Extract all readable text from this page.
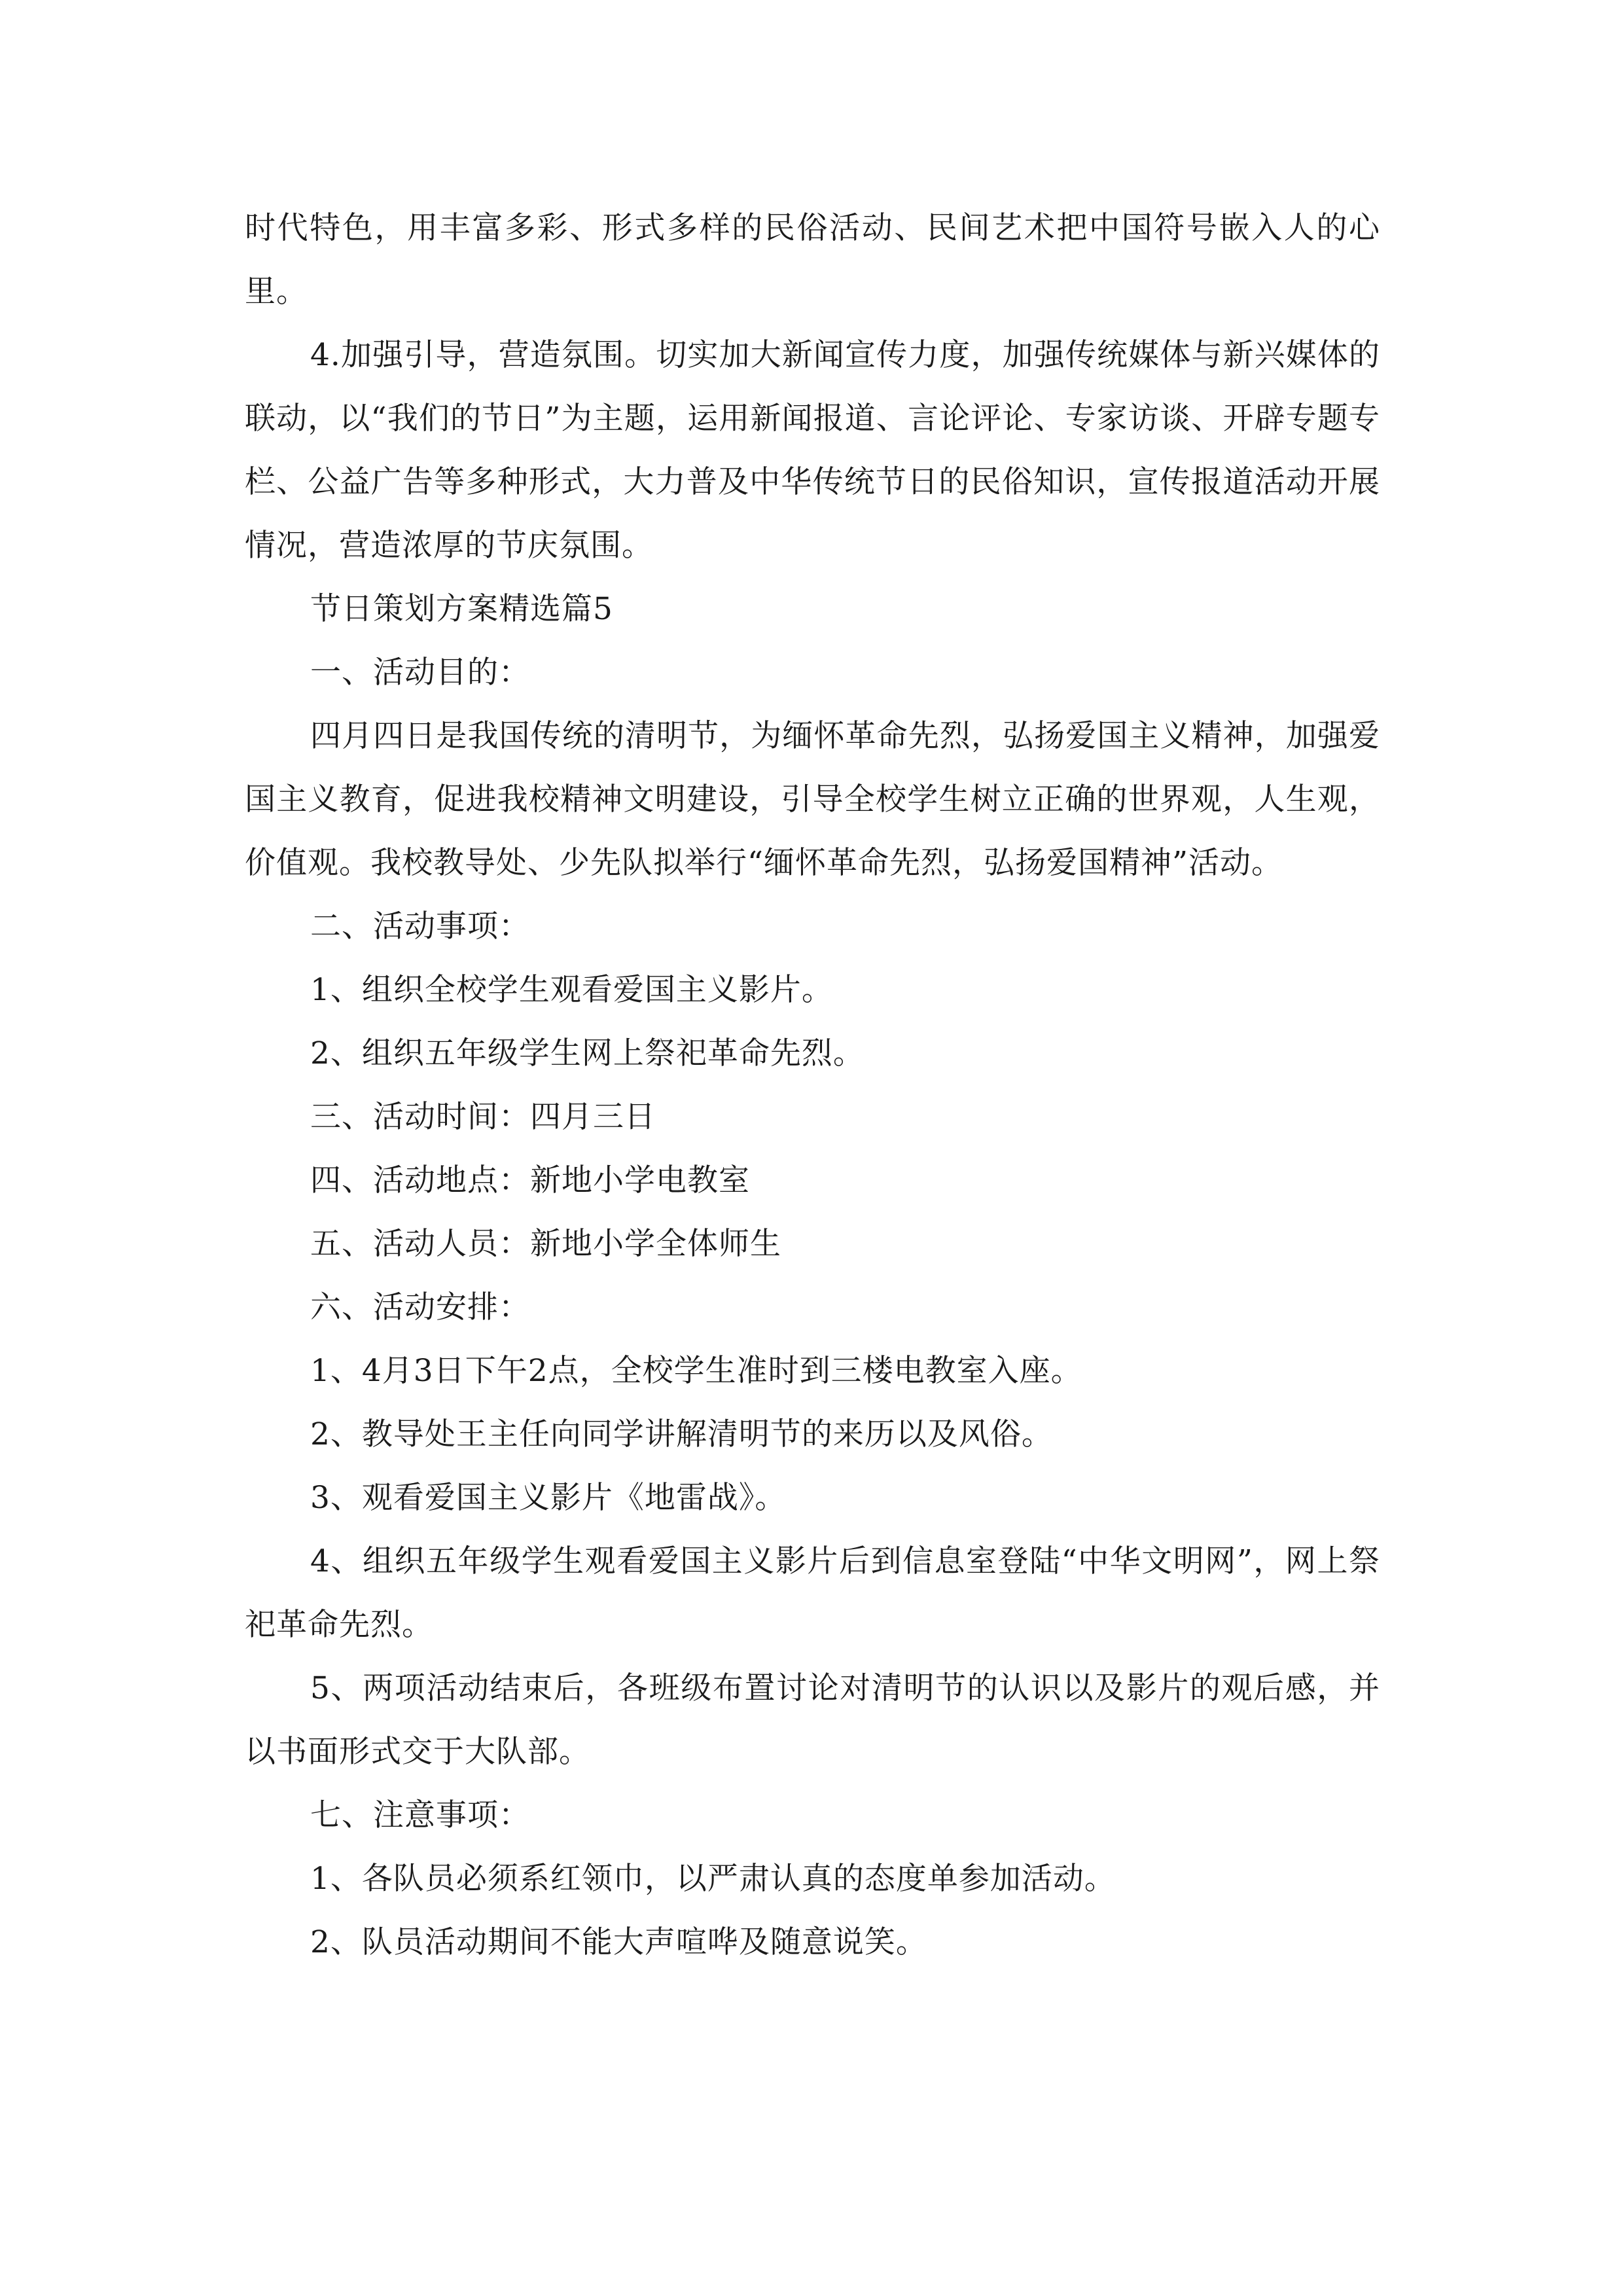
时代特色，用丰富多彩、形式多样的民俗活动、民间艺术把中国符号嵌入人的心里。

4.加强引导，营造氛围。切实加大新闻宣传力度，加强传统媒体与新兴媒体的联动，以“我们的节日”为主题，运用新闻报道、言论评论、专家访谈、开辟专题专栏、公益广告等多种形式，大力普及中华传统节日的民俗知识，宣传报道活动开展情况，营造浓厚的节庆氛围。

节日策划方案精选篇5

一、活动目的：

四月四日是我国传统的清明节，为缅怀革命先烈，弘扬爱国主义精神，加强爱国主义教育，促进我校精神文明建设，引导全校学生树立正确的世界观，人生观，价值观。我校教导处、少先队拟举行“缅怀革命先烈，弘扬爱国精神”活动。

二、活动事项：

1、组织全校学生观看爱国主义影片。

2、组织五年级学生网上祭祀革命先烈。

三、活动时间：四月三日

四、活动地点：新地小学电教室

五、活动人员：新地小学全体师生

六、活动安排：

1、4月3日下午2点，全校学生准时到三楼电教室入座。

2、教导处王主任向同学讲解清明节的来历以及风俗。

3、观看爱国主义影片《地雷战》。

4、组织五年级学生观看爱国主义影片后到信息室登陆“中华文明网”，网上祭祀革命先烈。

5、两项活动结束后，各班级布置讨论对清明节的认识以及影片的观后感，并以书面形式交于大队部。

七、注意事项：

1、各队员必须系红领巾，以严肃认真的态度单参加活动。

2、队员活动期间不能大声喧哗及随意说笑。
